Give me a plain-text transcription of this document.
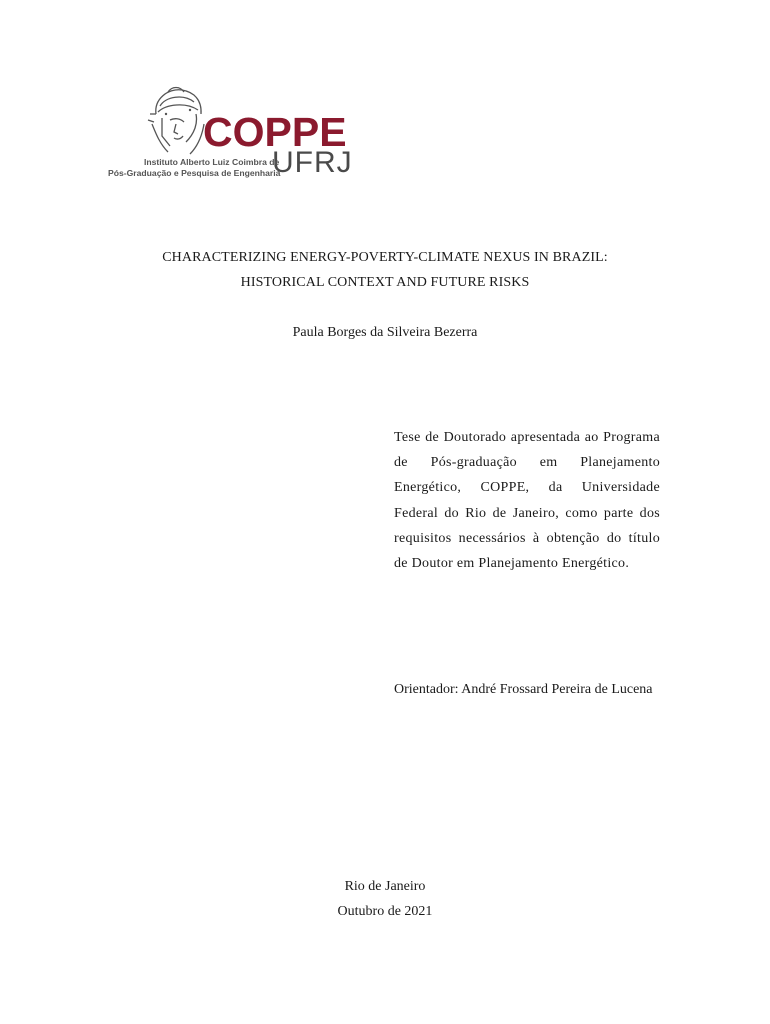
COPPE
UFRJ
Instituto Alberto Luiz Coimbra de
Pós-Graduação e Pesquisa de Engenharia
CHARACTERIZING ENERGY-POVERTY-CLIMATE NEXUS IN BRAZIL:
HISTORICAL CONTEXT AND FUTURE RISKS
Paula Borges da Silveira Bezerra
Tese de Doutorado apresentada ao Programa de Pós-graduação em Planejamento Energético, COPPE, da Universidade Federal do Rio de Janeiro, como parte dos requisitos necessários à obtenção do título de Doutor em Planejamento Energético.
Orientador: André Frossard Pereira de Lucena
Rio de Janeiro
Outubro de 2021
